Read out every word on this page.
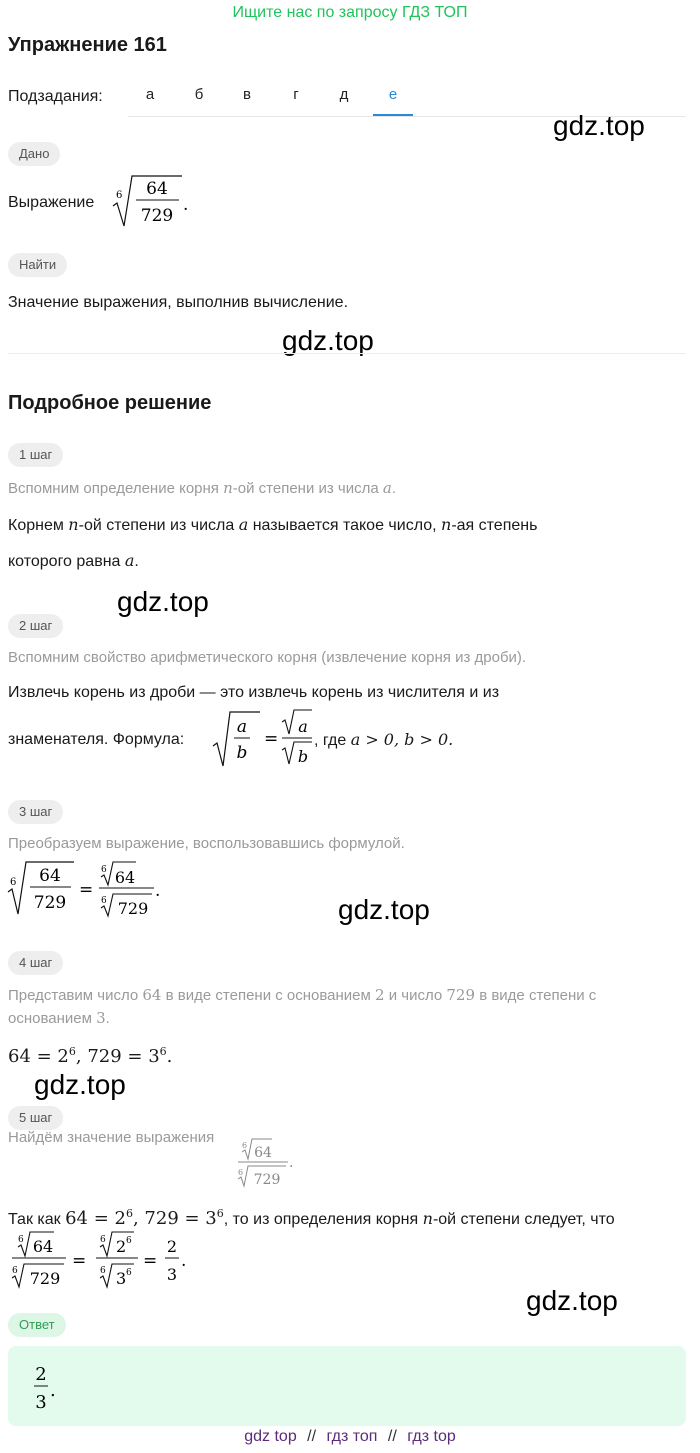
Ищите нас по запросу ГДЗ ТОП
Упражнение 161
Подзадания:	а	б	в	г	д	е
gdz.top
gdz.top
gdz.top
gdz.top
gdz.top
gdz.top
Дано
Выражение 6 64
729
.
Найти
Значение выражения, выполнив вычисление.
Подробное решение
1 шаг
Вспомним определение корня n-ой степени из числа a.
Корнем n-ой степени из числа a называется такое число, n-ая степень
которого равна a.
2 шаг
Вспомним свойство арифметического корня (извлечение корня из дроби).
Извлечь корень из дроби — это извлечь корень из числителя и из
знаменателя. Формула:
a
b
=
a
b
, где a > 0, b > 0.
3 шаг
Преобразуем выражение, воспользовавшись формулой.
6 64
729
=
6 64
6 729
.
4 шаг
Представим число 64 в виде степени с основанием 2 и число 729 в виде степени с
основанием 3.
$64 = 2^6$, $729 = 3^6$.
5 шаг
Найдём значение выражения	6 64
6 729
.
Так как $64 = 2^6$, $729 = 3^6$, то из определения корня n-ой степени следует, что
6 64
6 729
=
6 2 6
6 3 6
=
2
3
.
Ответ
2
3
.
gdz top // гдз топ // гдз top
